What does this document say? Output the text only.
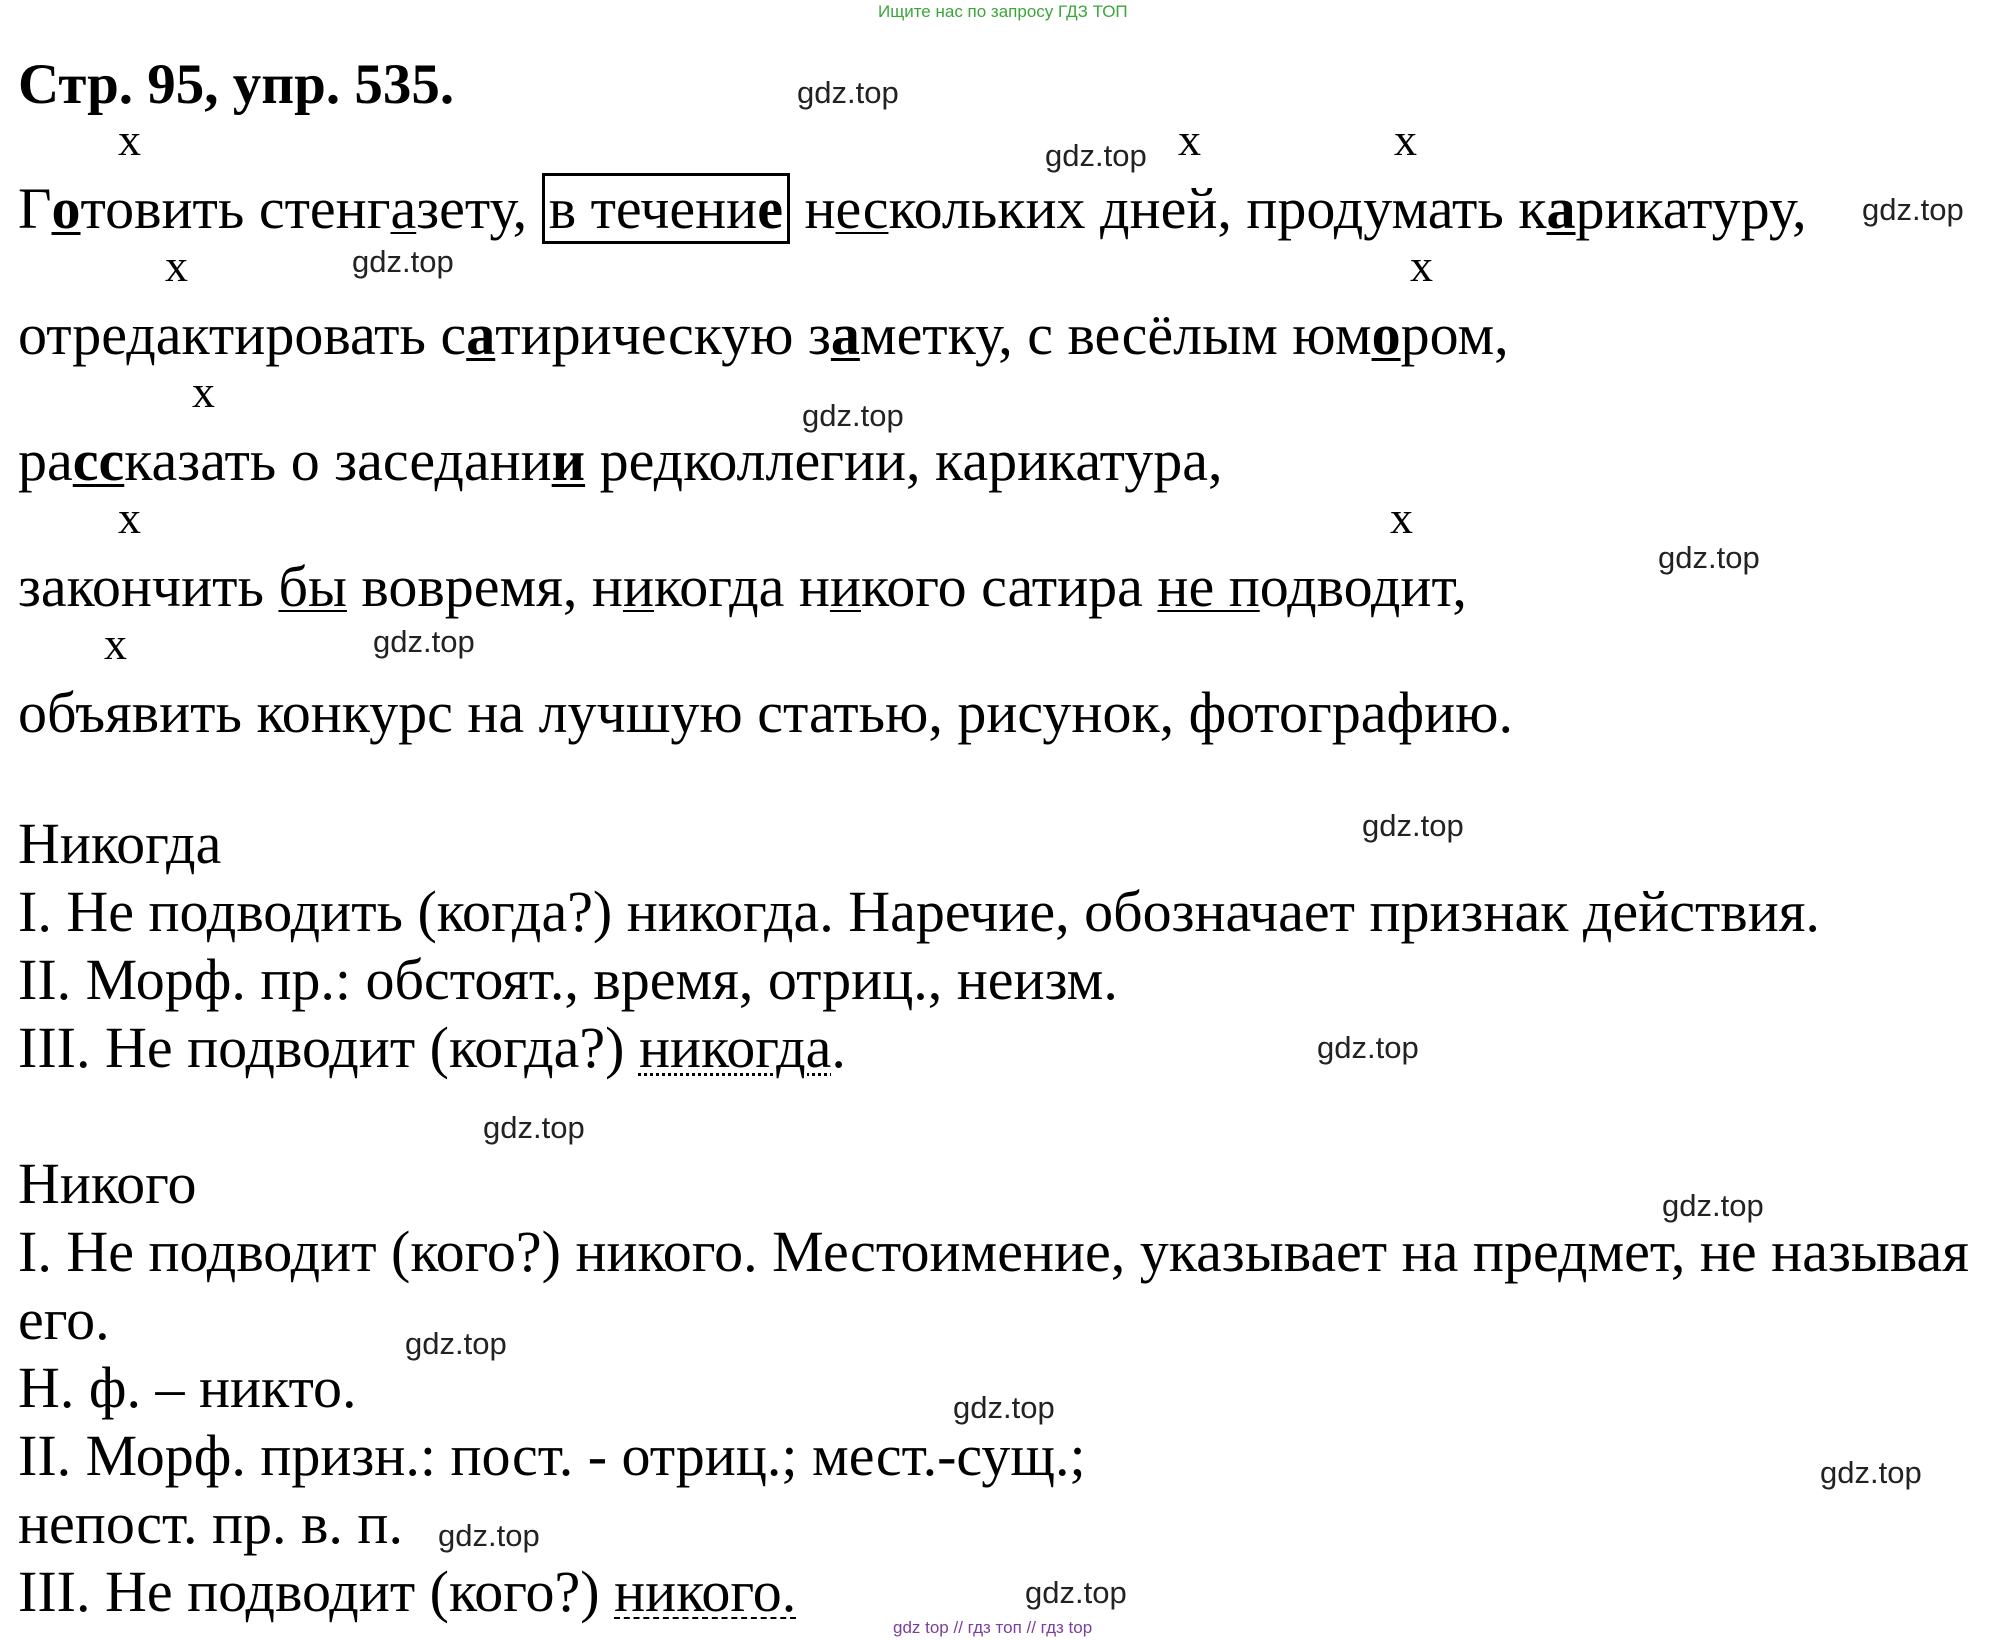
Ищите нас по запросу ГДЗ ТОП
Стр. 95, упр. 535.	gdz.top
gdz.top
gdz.top
gdz.top
gdz.top
gdz.top
gdz.top
gdz.top
gdz.top
gdz.top
gdz.top
gdz.top
gdz.top
gdz.top
gdz.top
gdz.top
x	x	x
x	x
x
x	x
x
Готовить стенгазету, в течение нескольких дней, продумать карикатуру,
отредактировать сатирическую заметку, с весёлым юмором,
рассказать о заседании редколлегии, карикатура,
закончить бы вовремя, никогда никого сатира не подводит,
объявить конкурс на лучшую статью, рисунок, фотографию.
Никогда
I. Не подводить (когда?) никогда. Наречие, обозначает признак действия.
II. Морф. пр.: обстоят., время, отриц., неизм.
III. Не подводит (когда?) никогда.
Никого
I. Не подводит (кого?) никого. Местоимение, указывает на предмет, не называя
его.
Н. ф. – никто.
II. Морф. призн.: пост. - отриц.; мест.-сущ.;
непост. пр. в. п.
III. Не подводит (кого?) никого.
gdz top // гдз топ // гдз top
